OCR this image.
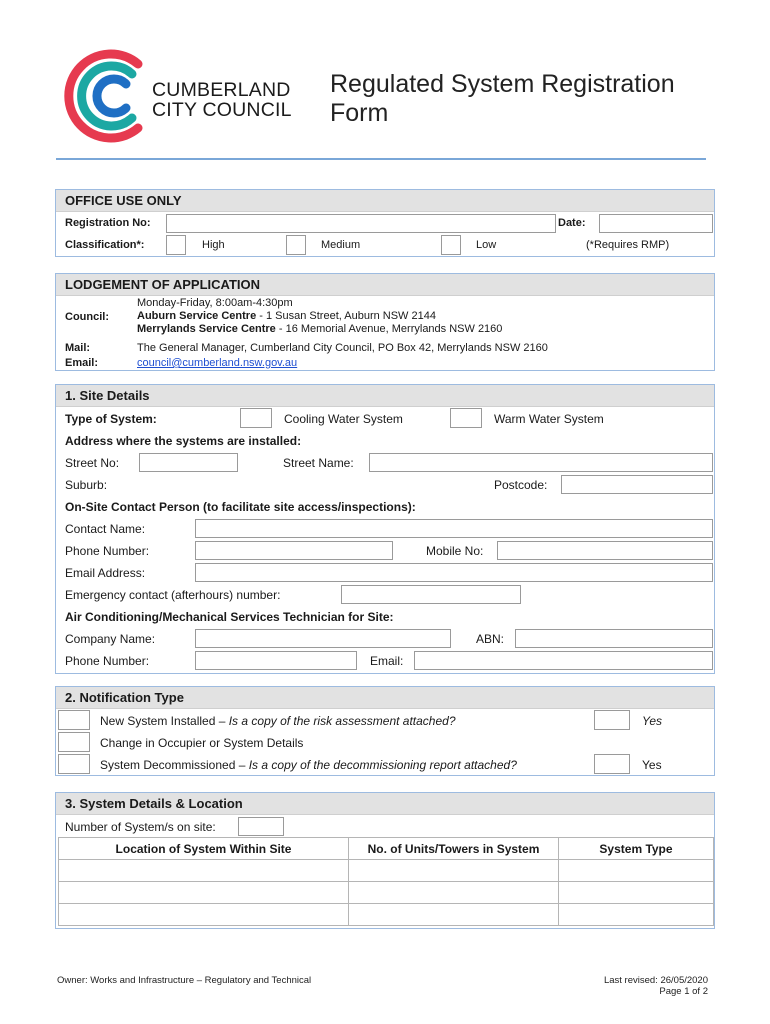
CUMBERLAND
CITY COUNCIL
Regulated System Registration
Form
OFFICE USE ONLY
Registration No:	Date:
Classification*:	High	Medium	Low	(*Requires RMP)
LODGEMENT OF APPLICATION
Council:
Monday-Friday, 8:00am-4:30pm
Auburn Service Centre - 1 Susan Street, Auburn NSW 2144
Merrylands Service Centre - 16 Memorial Avenue, Merrylands NSW 2160
Mail:	The General Manager, Cumberland City Council, PO Box 42, Merrylands NSW 2160
Email:	council@cumberland.nsw.gov.au
1. Site Details
Type of System:	Cooling Water System	Warm Water System
Address where the systems are installed:
Street No:	Street Name:
Suburb:	Postcode:
On-Site Contact Person (to facilitate site access/inspections):
Contact Name:
Phone Number:	Mobile No:
Email Address:
Emergency contact (afterhours) number:
Air Conditioning/Mechanical Services Technician for Site:
Company Name:	ABN:
Phone Number:	Email:
2. Notification Type
New System Installed – Is a copy of the risk assessment attached?	Yes
Change in Occupier or System Details
System Decommissioned – Is a copy of the decommissioning report attached?	Yes
3. System Details & Location
Number of System/s on site:
Location of System Within Site	No. of Units/Towers in System	System Type

Owner: Works and Infrastructure – Regulatory and Technical	Last revised: 26/05/2020
Page 1 of 2
